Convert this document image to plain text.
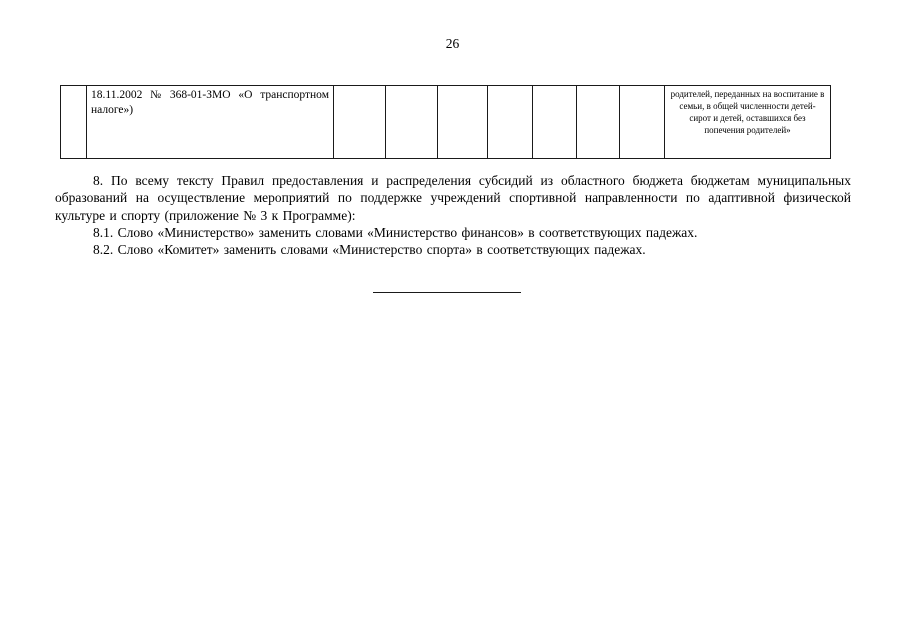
26
	18.11.2002 № 368-01-ЗМО «О транспортном налоге»)								родителей, переданных на воспитание в семьи, в общей численности детей-сирот и детей, оставшихся без попечения родителей»

8. По всему тексту Правил предоставления и распределения субсидий из областного бюджета бюджетам муниципальных образований на осуществление мероприятий по поддержке учреждений спортивной направленности по адаптивной физической культуре и спорту (приложение № 3 к Программе):

8.1. Слово «Министерство» заменить словами «Министерство финансов» в соответствующих падежах.

8.2. Слово «Комитет» заменить словами «Министерство спорта» в соответствующих падежах.
